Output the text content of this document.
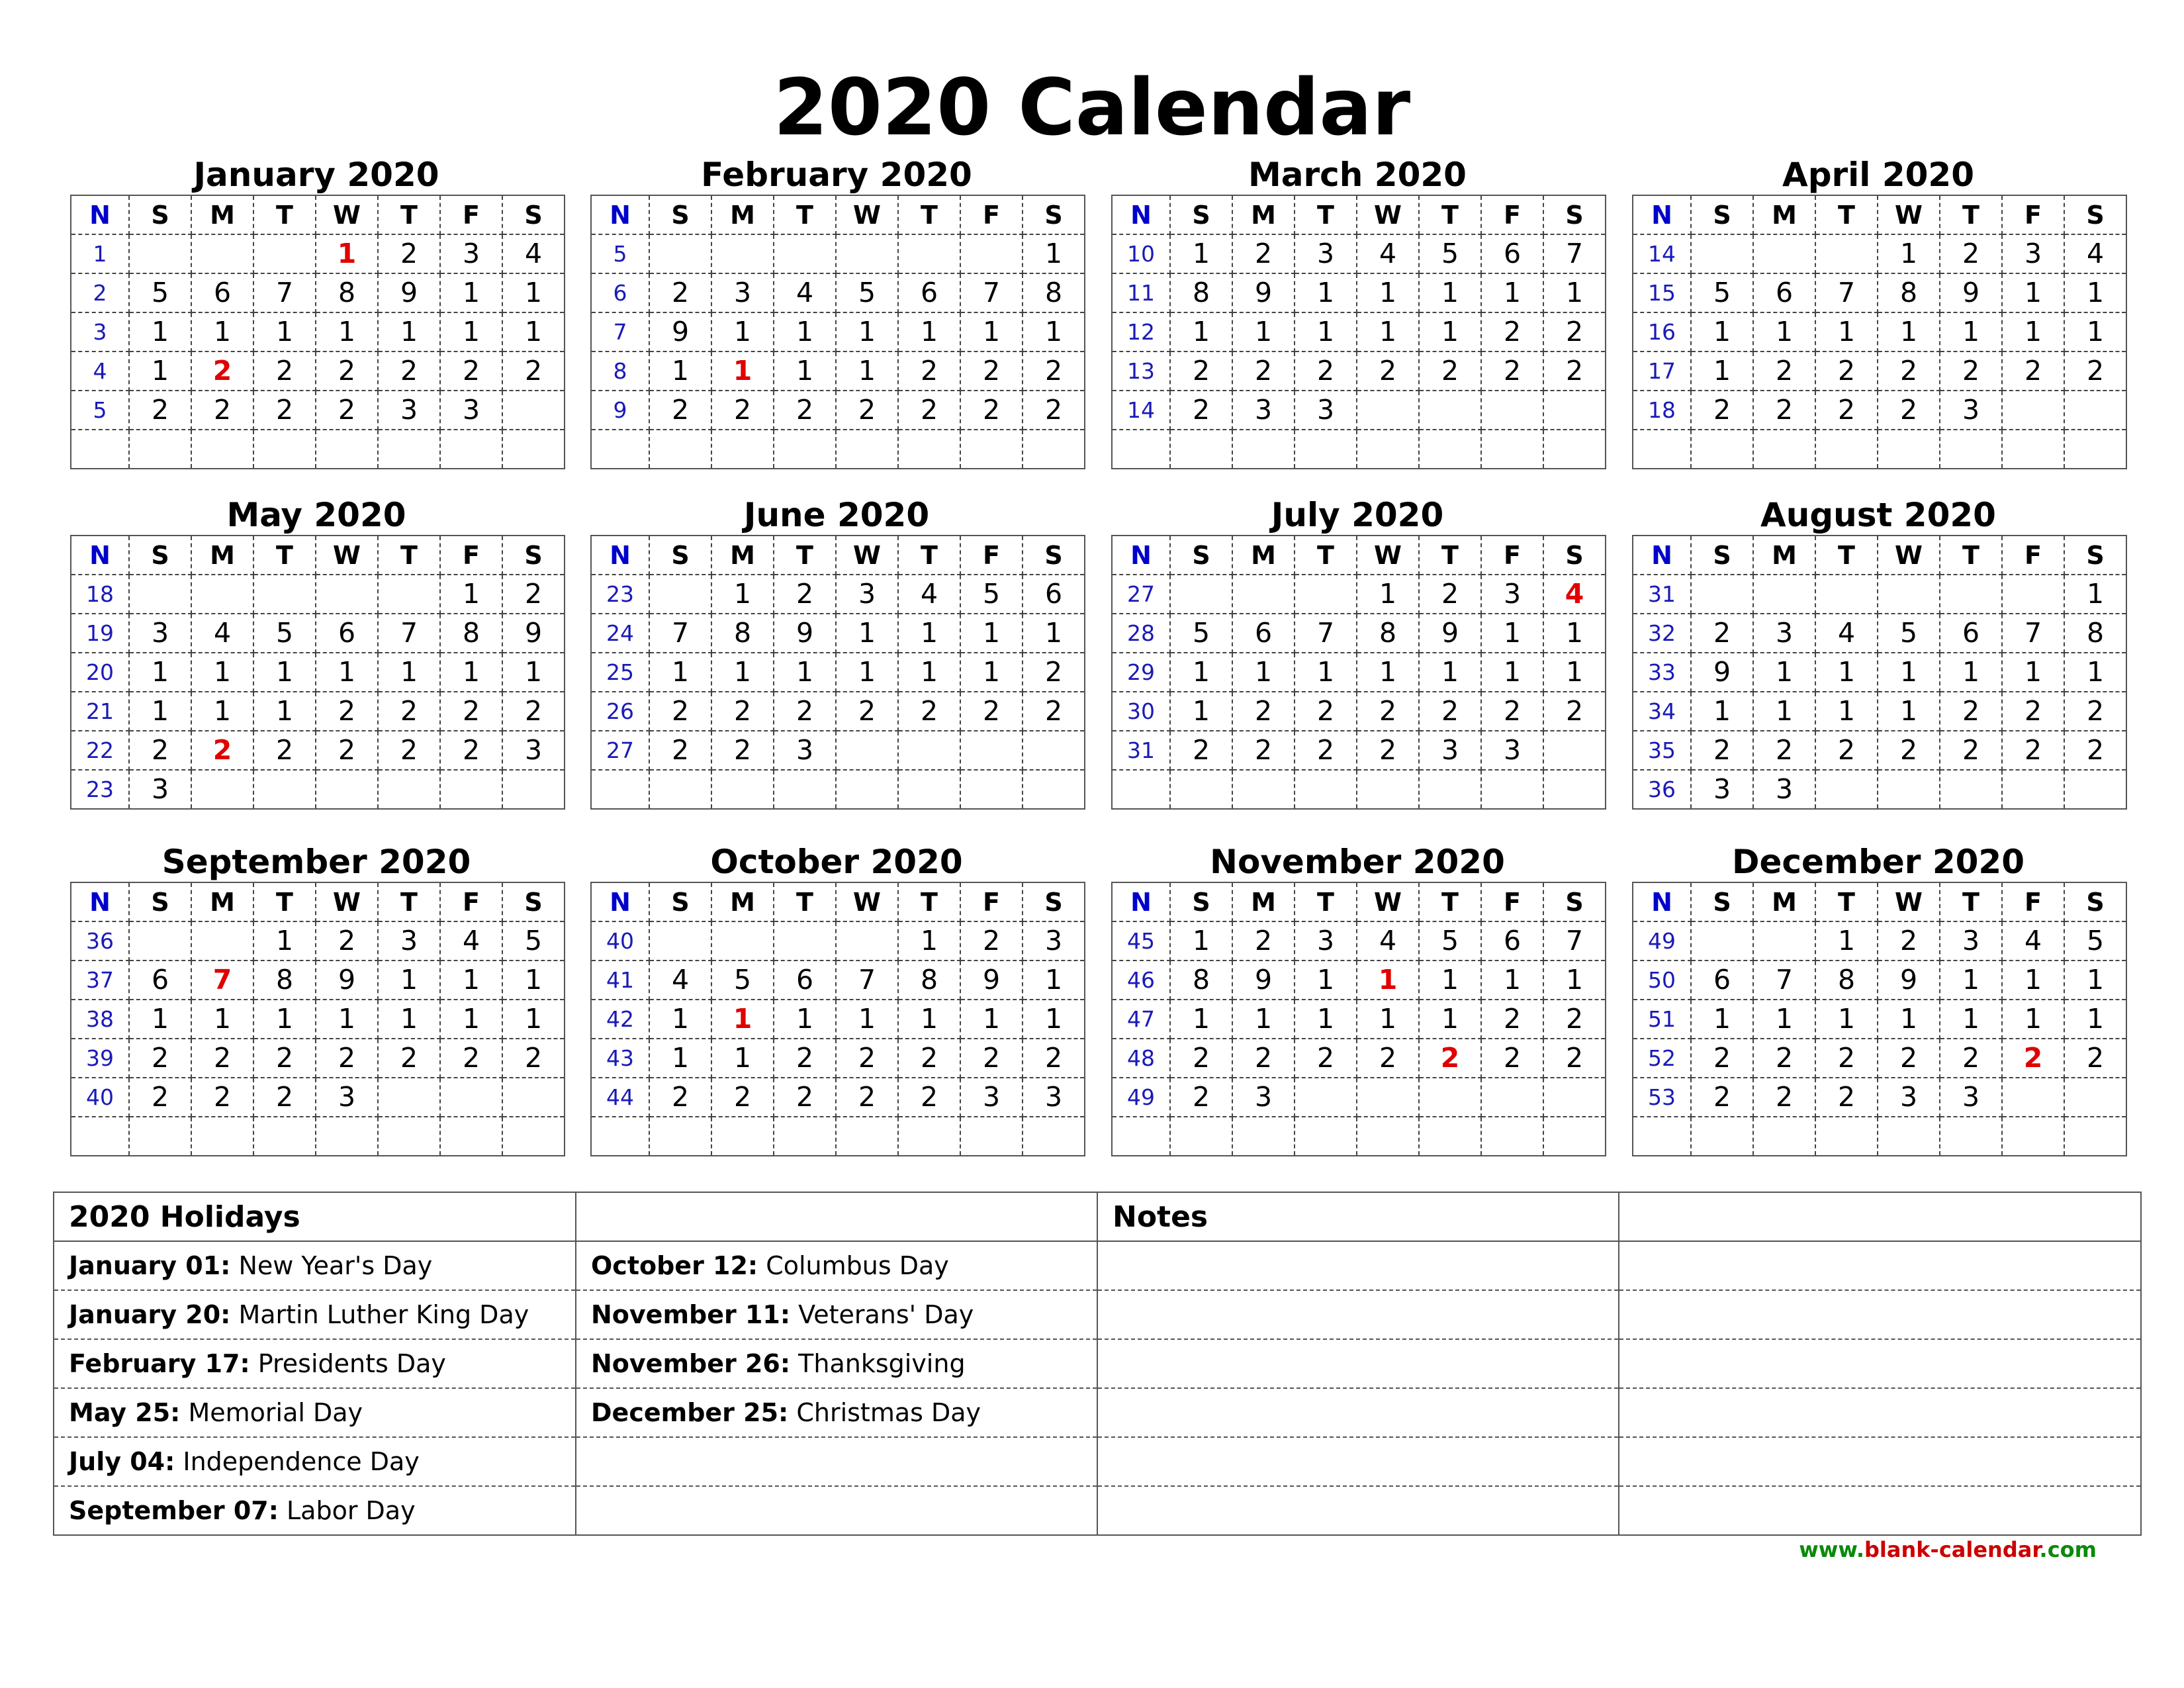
2020 Calendar
January 2020
N	S	M	T	W	T	F	S
1				1	2	3	4
2	5	6	7	8	9	1	1
3	1	1	1	1	1	1	1
4	1	2	2	2	2	2	2
5	2	2	2	2	3	3	

February 2020
N	S	M	T	W	T	F	S
5							1
6	2	3	4	5	6	7	8
7	9	1	1	1	1	1	1
8	1	1	1	1	2	2	2
9	2	2	2	2	2	2	2

March 2020
N	S	M	T	W	T	F	S
10	1	2	3	4	5	6	7
11	8	9	1	1	1	1	1
12	1	1	1	1	1	2	2
13	2	2	2	2	2	2	2
14	2	3	3				

April 2020
N	S	M	T	W	T	F	S
14				1	2	3	4
15	5	6	7	8	9	1	1
16	1	1	1	1	1	1	1
17	1	2	2	2	2	2	2
18	2	2	2	2	3		

May 2020
N	S	M	T	W	T	F	S
18						1	2
19	3	4	5	6	7	8	9
20	1	1	1	1	1	1	1
21	1	1	1	2	2	2	2
22	2	2	2	2	2	2	3
23	3						
June 2020
N	S	M	T	W	T	F	S
23		1	2	3	4	5	6
24	7	8	9	1	1	1	1
25	1	1	1	1	1	1	2
26	2	2	2	2	2	2	2
27	2	2	3				

July 2020
N	S	M	T	W	T	F	S
27				1	2	3	4
28	5	6	7	8	9	1	1
29	1	1	1	1	1	1	1
30	1	2	2	2	2	2	2
31	2	2	2	2	3	3	

August 2020
N	S	M	T	W	T	F	S
31							1
32	2	3	4	5	6	7	8
33	9	1	1	1	1	1	1
34	1	1	1	1	2	2	2
35	2	2	2	2	2	2	2
36	3	3					
September 2020
N	S	M	T	W	T	F	S
36			1	2	3	4	5
37	6	7	8	9	1	1	1
38	1	1	1	1	1	1	1
39	2	2	2	2	2	2	2
40	2	2	2	3			

October 2020
N	S	M	T	W	T	F	S
40					1	2	3
41	4	5	6	7	8	9	1
42	1	1	1	1	1	1	1
43	1	1	2	2	2	2	2
44	2	2	2	2	2	3	3

November 2020
N	S	M	T	W	T	F	S
45	1	2	3	4	5	6	7
46	8	9	1	1	1	1	1
47	1	1	1	1	1	2	2
48	2	2	2	2	2	2	2
49	2	3					

December 2020
N	S	M	T	W	T	F	S
49			1	2	3	4	5
50	6	7	8	9	1	1	1
51	1	1	1	1	1	1	1
52	2	2	2	2	2	2	2
53	2	2	2	3	3		

2020 Holidays		Notes	
January 01: New Year's Day	October 12: Columbus Day		
January 20: Martin Luther King Day	November 11: Veterans' Day		
February 17: Presidents Day	November 26: Thanksgiving		
May 25: Memorial Day	December 25: Christmas Day		
July 04: Independence Day			
September 07: Labor Day			
www.blank-calendar.com
